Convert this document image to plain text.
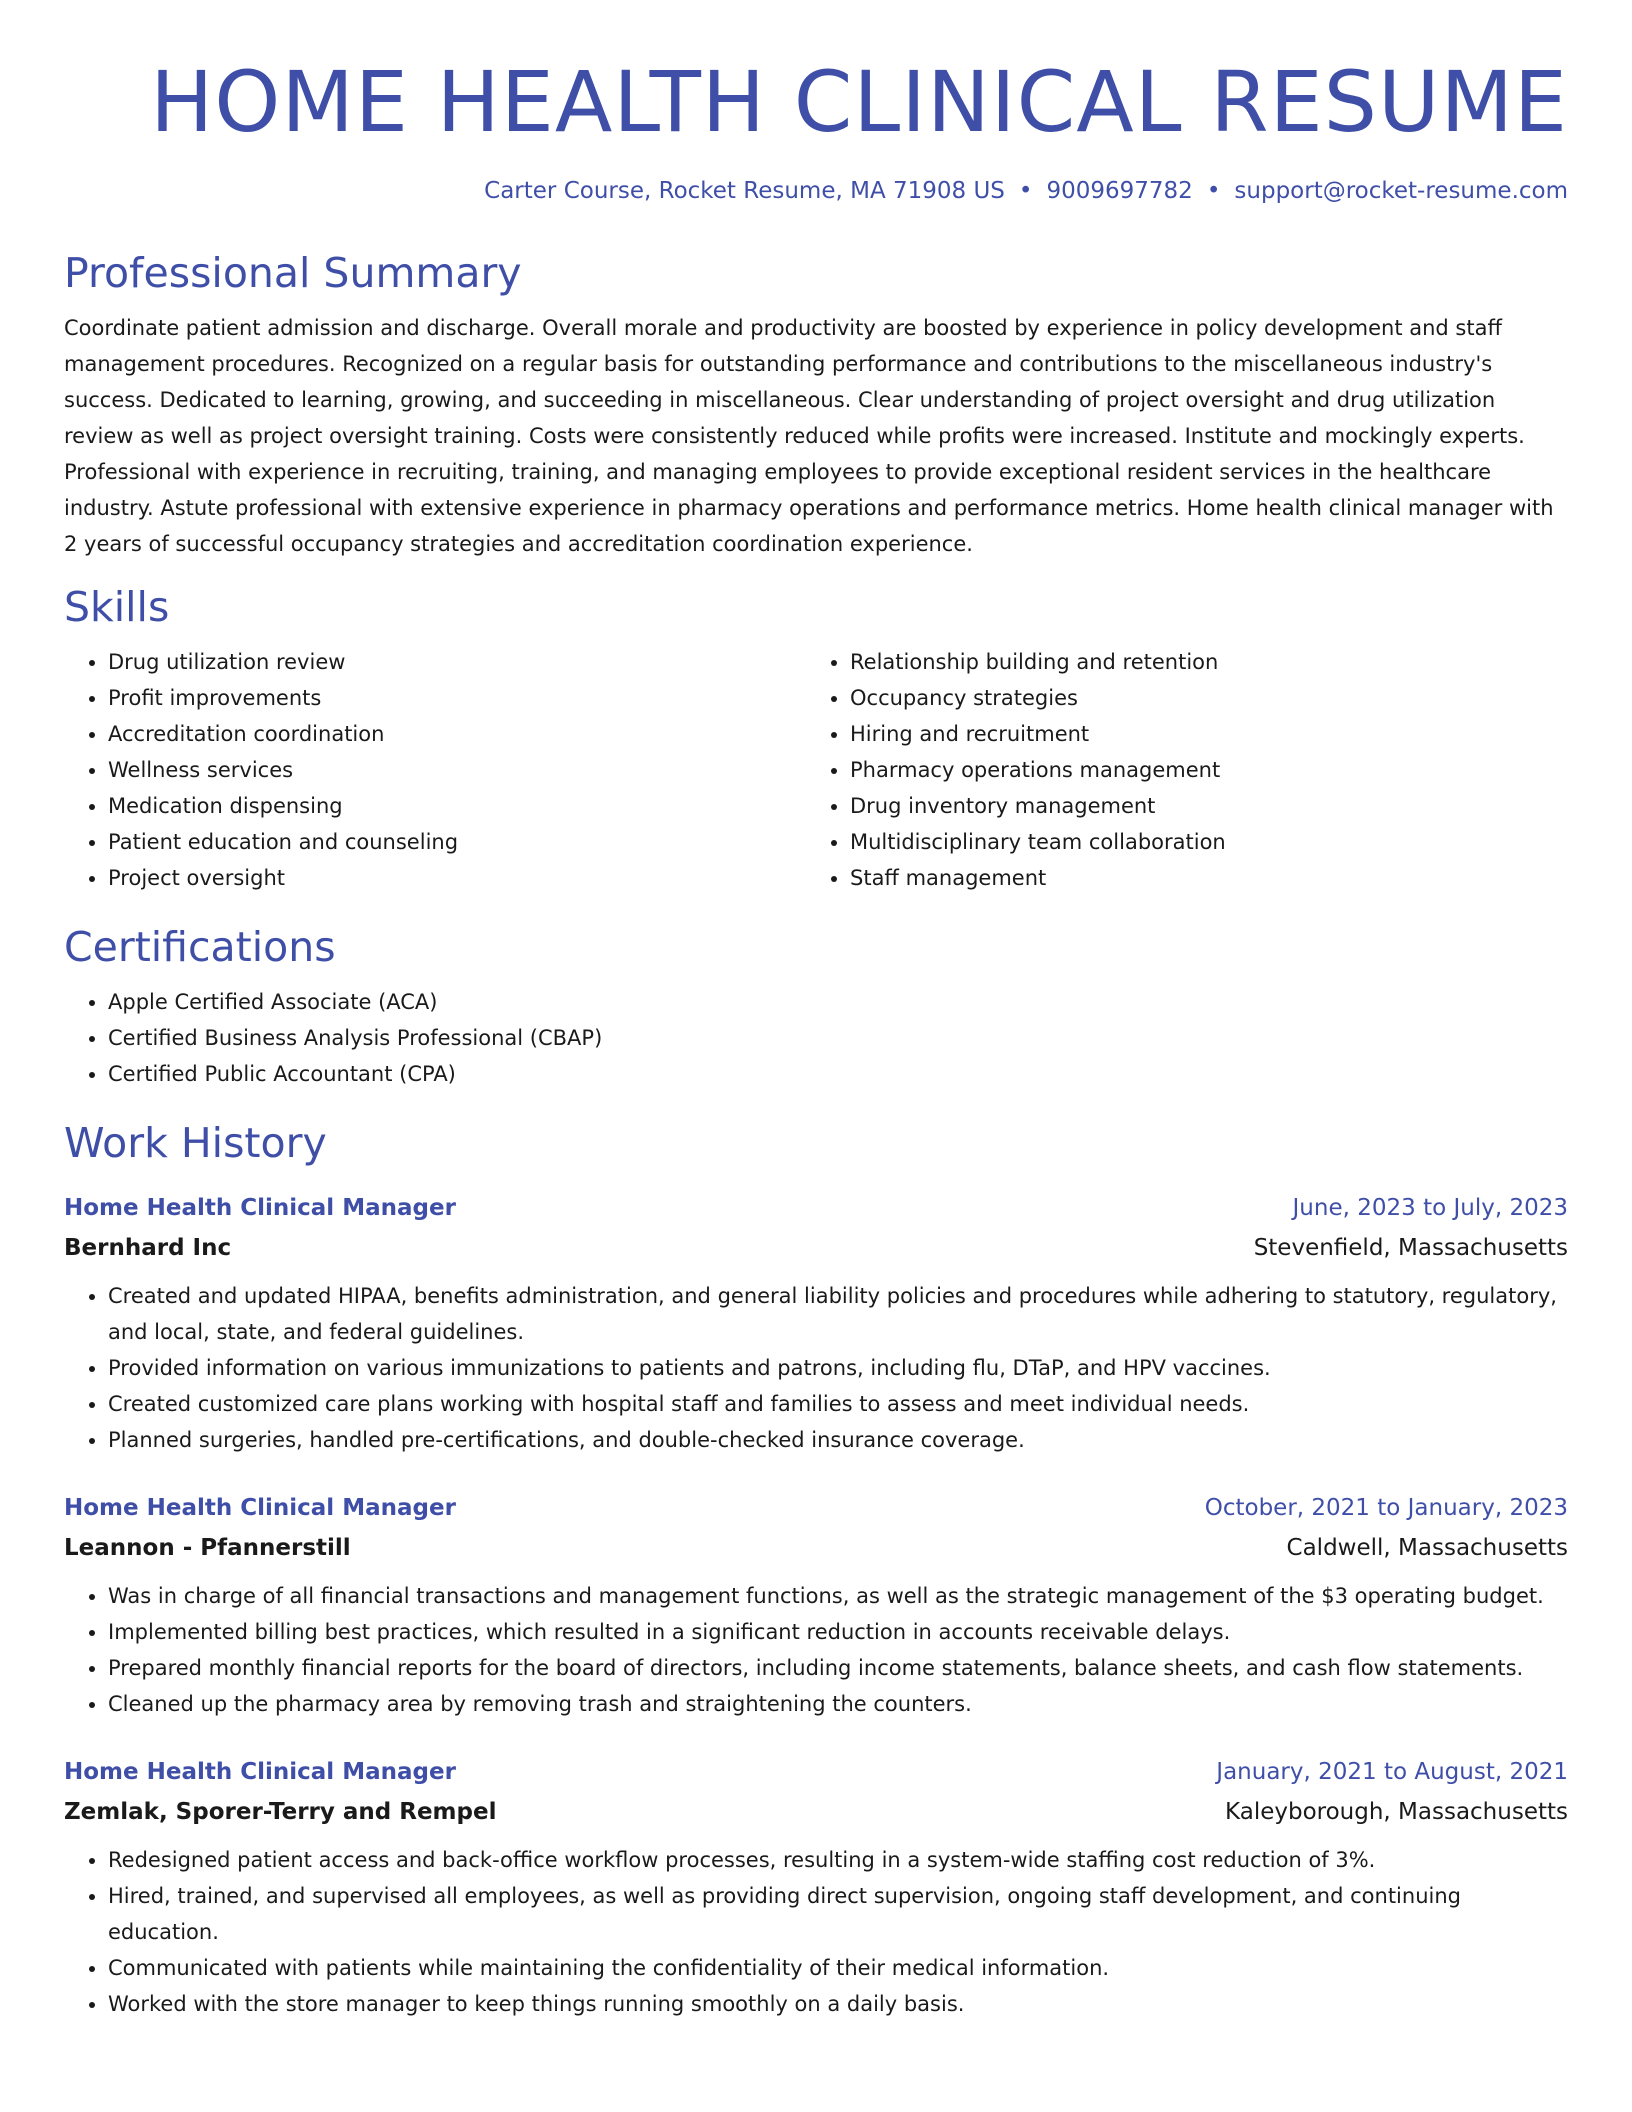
HOME HEALTH CLINICAL RESUME
Carter Course, Rocket Resume, MA 71908 US • 9009697782 • support@rocket-resume.com
Professional Summary

Coordinate patient admission and discharge. Overall morale and productivity are boosted by experience in policy development and staff management procedures. Recognized on a regular basis for outstanding performance and contributions to the miscellaneous industry's success. Dedicated to learning, growing, and succeeding in miscellaneous. Clear understanding of project oversight and drug utilization review as well as project oversight training. Costs were consistently reduced while profits were increased. Institute and mockingly experts. Professional with experience in recruiting, training, and managing employees to provide exceptional resident services in the healthcare industry. Astute professional with extensive experience in pharmacy operations and performance metrics. Home health clinical manager with 2 years of successful occupancy strategies and accreditation coordination experience.

Skills
• Drug utilization review
• Profit improvements
• Accreditation coordination
• Wellness services
• Medication dispensing
• Patient education and counseling
• Project oversight
• Relationship building and retention
• Occupancy strategies
• Hiring and recruitment
• Pharmacy operations management
• Drug inventory management
• Multidisciplinary team collaboration
• Staff management
Certifications
• Apple Certified Associate (ACA)
• Certified Business Analysis Professional (CBAP)
• Certified Public Accountant (CPA)
Work History
Home Health Clinical Manager	June, 2023 to July, 2023
Bernhard Inc	Stevenfield, Massachusetts
• Created and updated HIPAA, benefits administration, and general liability policies and procedures while adhering to statutory, regulatory, and local, state, and federal guidelines.
• Provided information on various immunizations to patients and patrons, including flu, DTaP, and HPV vaccines.
• Created customized care plans working with hospital staff and families to assess and meet individual needs.
• Planned surgeries, handled pre-certifications, and double-checked insurance coverage.
Home Health Clinical Manager	October, 2021 to January, 2023
Leannon - Pfannerstill	Caldwell, Massachusetts
• Was in charge of all financial transactions and management functions, as well as the strategic management of the $3 operating budget.
• Implemented billing best practices, which resulted in a significant reduction in accounts receivable delays.
• Prepared monthly financial reports for the board of directors, including income statements, balance sheets, and cash flow statements.
• Cleaned up the pharmacy area by removing trash and straightening the counters.
Home Health Clinical Manager	January, 2021 to August, 2021
Zemlak, Sporer-Terry and Rempel	Kaleyborough, Massachusetts
• Redesigned patient access and back-office workflow processes, resulting in a system-wide staffing cost reduction of 3%.
• Hired, trained, and supervised all employees, as well as providing direct supervision, ongoing staff development, and continuing education.
• Communicated with patients while maintaining the confidentiality of their medical information.
• Worked with the store manager to keep things running smoothly on a daily basis.
